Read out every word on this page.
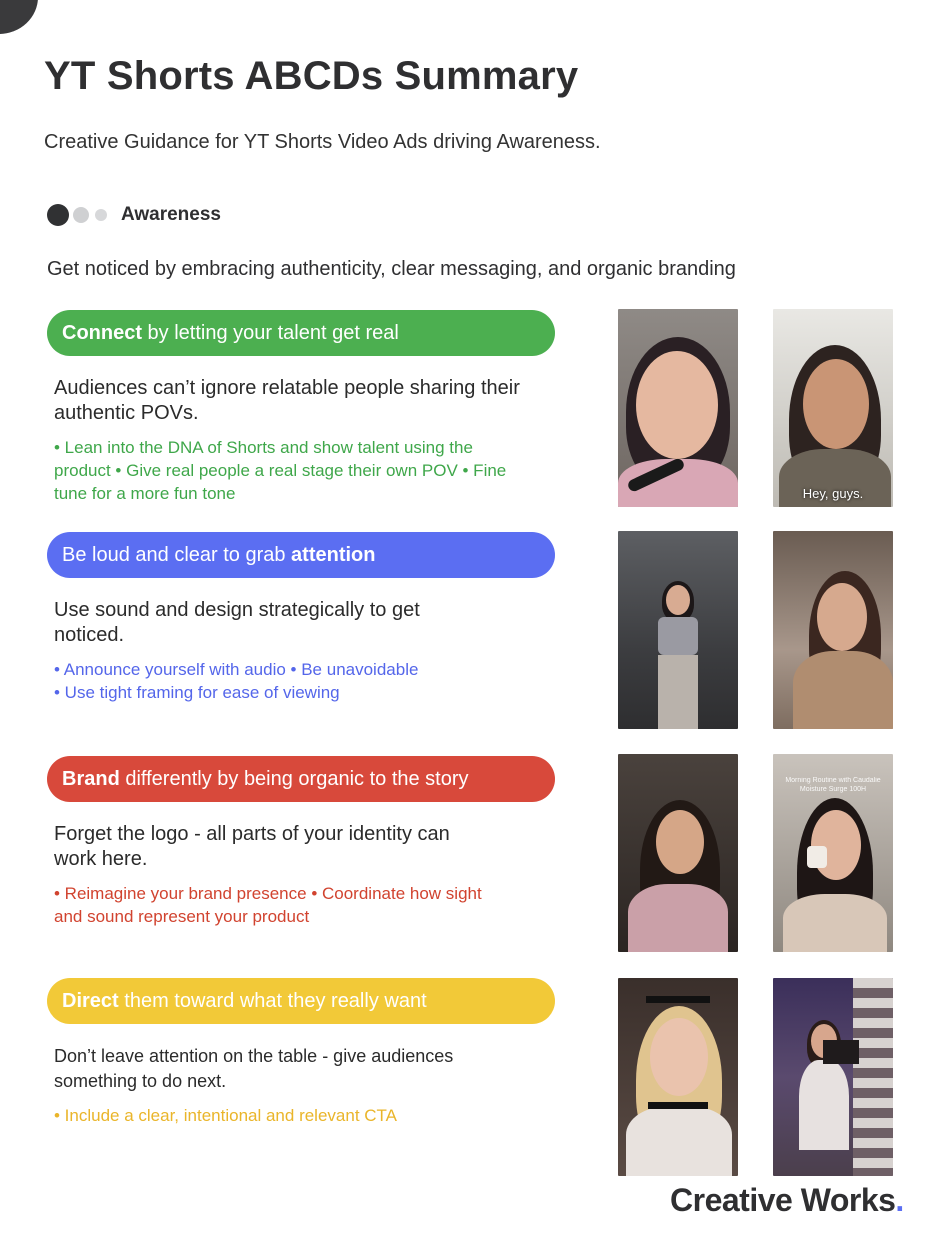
YT Shorts ABCDs Summary
Creative Guidance for YT Shorts Video Ads driving Awareness.
Awareness
Get noticed by embracing authenticity, clear messaging, and organic branding
Connect by letting your talent get real
Audiences can’t ignore relatable people sharing their authentic POVs.
• Lean into the DNA of Shorts and show talent using the product • Give real people a real stage their own POV • Fine tune for a more fun tone
Be loud and clear to grab attention
Use sound and design strategically to get noticed.
• Announce yourself with audio • Be unavoidable
• Use tight framing for ease of viewing
Brand differently by being organic to the story
Forget the logo - all parts of your identity can work here.
• Reimagine your brand presence • Coordinate how sight and sound represent your product
Direct them toward what they really want
Don’t leave attention on the table - give audiences something to do next.
• Include a clear, intentional and relevant CTA
Hey, guys.
Morning Routine with Caudalie Moisture Surge 100H
Creative Works.
